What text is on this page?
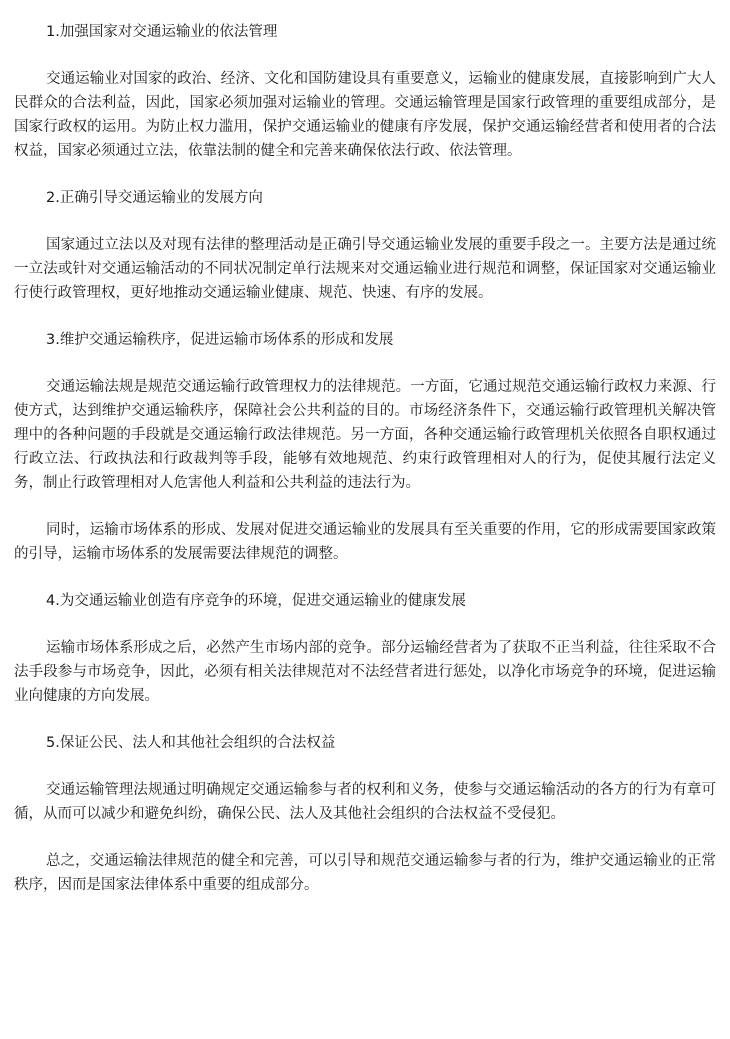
1.加强国家对交通运输业的依法管理

交通运输业对国家的政治、经济、文化和国防建设具有重要意义，运输业的健康发展，直接影响到广大人民群众的合法利益，因此，国家必须加强对运输业的管理。交通运输管理是国家行政管理的重要组成部分，是国家行政权的运用。为防止权力滥用，保护交通运输业的健康有序发展，保护交通运输经营者和使用者的合法权益，国家必须通过立法，依靠法制的健全和完善来确保依法行政、依法管理。

2.正确引导交通运输业的发展方向

国家通过立法以及对现有法律的整理活动是正确引导交通运输业发展的重要手段之一。主要方法是通过统一立法或针对交通运输活动的不同状况制定单行法规来对交通运输业进行规范和调整，保证国家对交通运输业行使行政管理权，更好地推动交通运输业健康、规范、快速、有序的发展。

3.维护交通运输秩序，促进运输市场体系的形成和发展

交通运输法规是规范交通运输行政管理权力的法律规范。一方面，它通过规范交通运输行政权力来源、行使方式，达到维护交通运输秩序，保障社会公共利益的目的。市场经济条件下，交通运输行政管理机关解决管理中的各种问题的手段就是交通运输行政法律规范。另一方面，各种交通运输行政管理机关依照各自职权通过行政立法、行政执法和行政裁判等手段，能够有效地规范、约束行政管理相对人的行为，促使其履行法定义务，制止行政管理相对人危害他人利益和公共利益的违法行为。

同时，运输市场体系的形成、发展对促进交通运输业的发展具有至关重要的作用，它的形成需要国家政策的引导，运输市场体系的发展需要法律规范的调整。

4.为交通运输业创造有序竞争的环境，促进交通运输业的健康发展

运输市场体系形成之后，必然产生市场内部的竞争。部分运输经营者为了获取不正当利益，往往采取不合法手段参与市场竞争，因此，必须有相关法律规范对不法经营者进行惩处，以净化市场竞争的环境，促进运输业向健康的方向发展。

5.保证公民、法人和其他社会组织的合法权益

交通运输管理法规通过明确规定交通运输参与者的权利和义务，使参与交通运输活动的各方的行为有章可循，从而可以减少和避免纠纷，确保公民、法人及其他社会组织的合法权益不受侵犯。

总之，交通运输法律规范的健全和完善，可以引导和规范交通运输参与者的行为，维护交通运输业的正常秩序，因而是国家法律体系中重要的组成部分。
